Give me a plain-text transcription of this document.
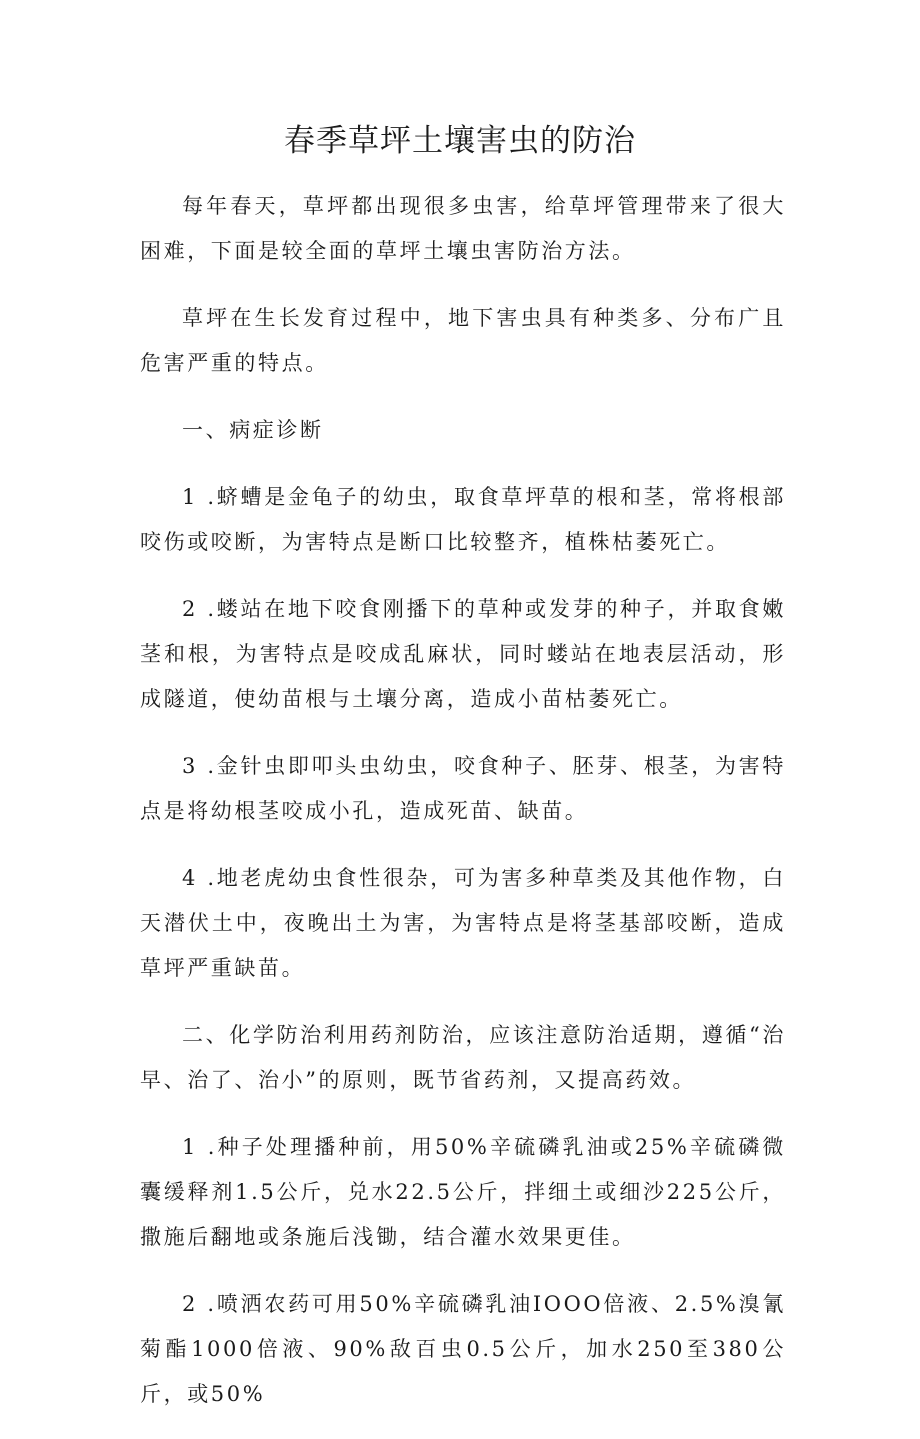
春季草坪土壤害虫的防治

每年春天，草坪都出现很多虫害，给草坪管理带来了很大困难，下面是较全面的草坪土壤虫害防治方法。

草坪在生长发育过程中，地下害虫具有种类多、分布广且危害严重的特点。

一、病症诊断

1 .蛴螬是金龟子的幼虫，取食草坪草的根和茎，常将根部咬伤或咬断，为害特点是断口比较整齐，植株枯萎死亡。

2 .蝼站在地下咬食刚播下的草种或发芽的种子，并取食嫩茎和根，为害特点是咬成乱麻状，同时蝼站在地表层活动，形成隧道，使幼苗根与土壤分离，造成小苗枯萎死亡。

3 .金针虫即叩头虫幼虫，咬食种子、胚芽、根茎，为害特点是将幼根茎咬成小孔，造成死苗、缺苗。

4 .地老虎幼虫食性很杂，可为害多种草类及其他作物，白天潜伏土中，夜晚出土为害，为害特点是将茎基部咬断，造成草坪严重缺苗。

二、化学防治利用药剂防治，应该注意防治适期，遵循“治早、治了、治小”的原则，既节省药剂，又提高药效。

1 .种子处理播种前，用50%辛硫磷乳油或25%辛硫磷微囊缓释剂1.5公斤，兑水22.5公斤，拌细土或细沙225公斤，撒施后翻地或条施后浅锄，结合灌水效果更佳。

2 .喷洒农药可用50%辛硫磷乳油IOOO倍液、2.5%溴氰菊酯1000倍液、90%敌百虫0.5公斤，加水250至380公斤，或50%
